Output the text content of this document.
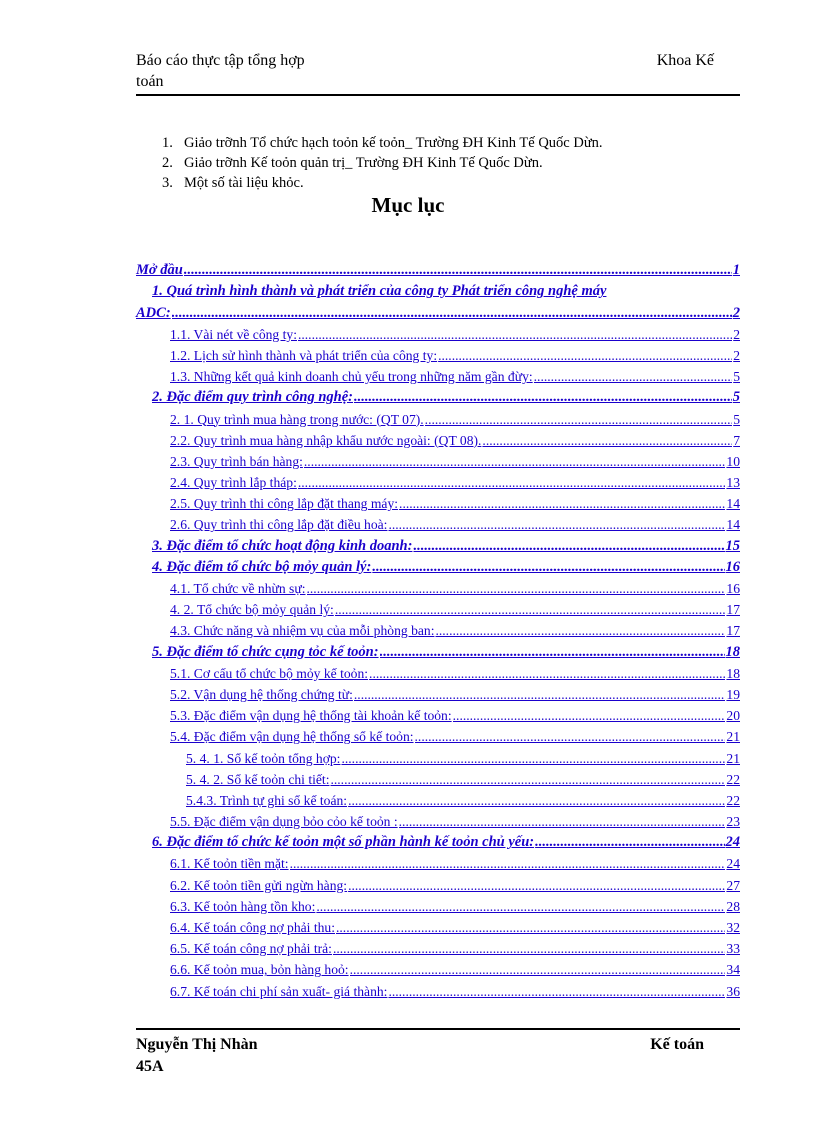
Báo cáo thực tập tổng hợp	Khoa Kế
toán
1. Giảo trỡnh Tổ chức hạch toỏn kế toỏn_ Trường ĐH Kinh Tế Quốc Dừn.
2. Giảo trỡnh Kế toỏn quản trị_ Trường ĐH Kinh Tế Quốc Dừn.
3. Một số tài liệu khỏc.
Mục lục
Mở đầu .....	1
1. Quá trình hình thành và phát triển của công ty Phát triển công nghệ máy
ADC: .....	2
1.1. Vài nét về công ty: .....	2
1.2. Lịch sử hình thành và phát triển của công ty: .....	2
1.3. Những kết quả kinh doanh chủ yếu trong những năm gần đừy: .....	5
2. Đặc điểm quy trình công nghệ: .....	5
2. 1. Quy trình mua hàng trong nước: (QT 07). .....	5
2.2. Quy trình mua hàng nhập khẩu nước ngoài: (QT 08). .....	7
2.3. Quy trình bán hàng: .....	10
2.4. Quy trình lắp tháp: .....	13
2.5. Quy trình thi công lắp đặt thang máy: .....	14
2.6. Quy trình thi công lắp đặt điều hoà: .....	14
3. Đặc điểm tổ chức hoạt động kinh doanh: .....	15
4. Đặc điểm tổ chức bộ mỏy quản lý: .....	16
4.1. Tổ chức về nhừn sự: .....	16
4. 2. Tổ chức bộ mỏy quản lý: .....	17
4.3. Chức năng và nhiệm vụ của mỗi phòng ban: .....	17
5. Đặc điểm tổ chức cụng tỏc kế toỏn: .....	18
5.1. Cơ cấu tổ chức bộ mỏy kế toỏn: .....	18
5.2. Vận dụng hệ thống chứng từ: .....	19
5.3. Đặc điểm vận dụng hệ thống tài khoản kế toỏn: .....	20
5.4. Đặc điểm vận dụng hệ thống sổ kế toỏn: .....	21
5. 4. 1. Sổ kế toỏn tổng hợp: .....	21
5. 4. 2. Sổ kế toỏn chi tiết: .....	22
5.4.3. Trình tự ghi sổ kế toán: .....	22
5.5. Đặc điểm vận dụng bỏo cỏo kế toỏn : .....	23
6. Đặc điểm tổ chức kế toỏn một số phần hành kế toỏn chủ yếu: .....	24
6.1. Kế toỏn tiền mặt: .....	24
6.2. Kế toỏn tiền gửi ngừn hàng: .....	27
6.3. Kế toỏn hàng tồn kho: .....	28
6.4. Kế toán công nợ phải thu: .....	32
6.5. Kế toán công nợ phải trả: .....	33
6.6. Kế toỏn mua, bỏn hàng hoỏ: .....	34
6.7. Kế toán chi phí sản xuất- giá thành: .....	36
Nguyễn Thị Nhàn	Kế toán
45A
